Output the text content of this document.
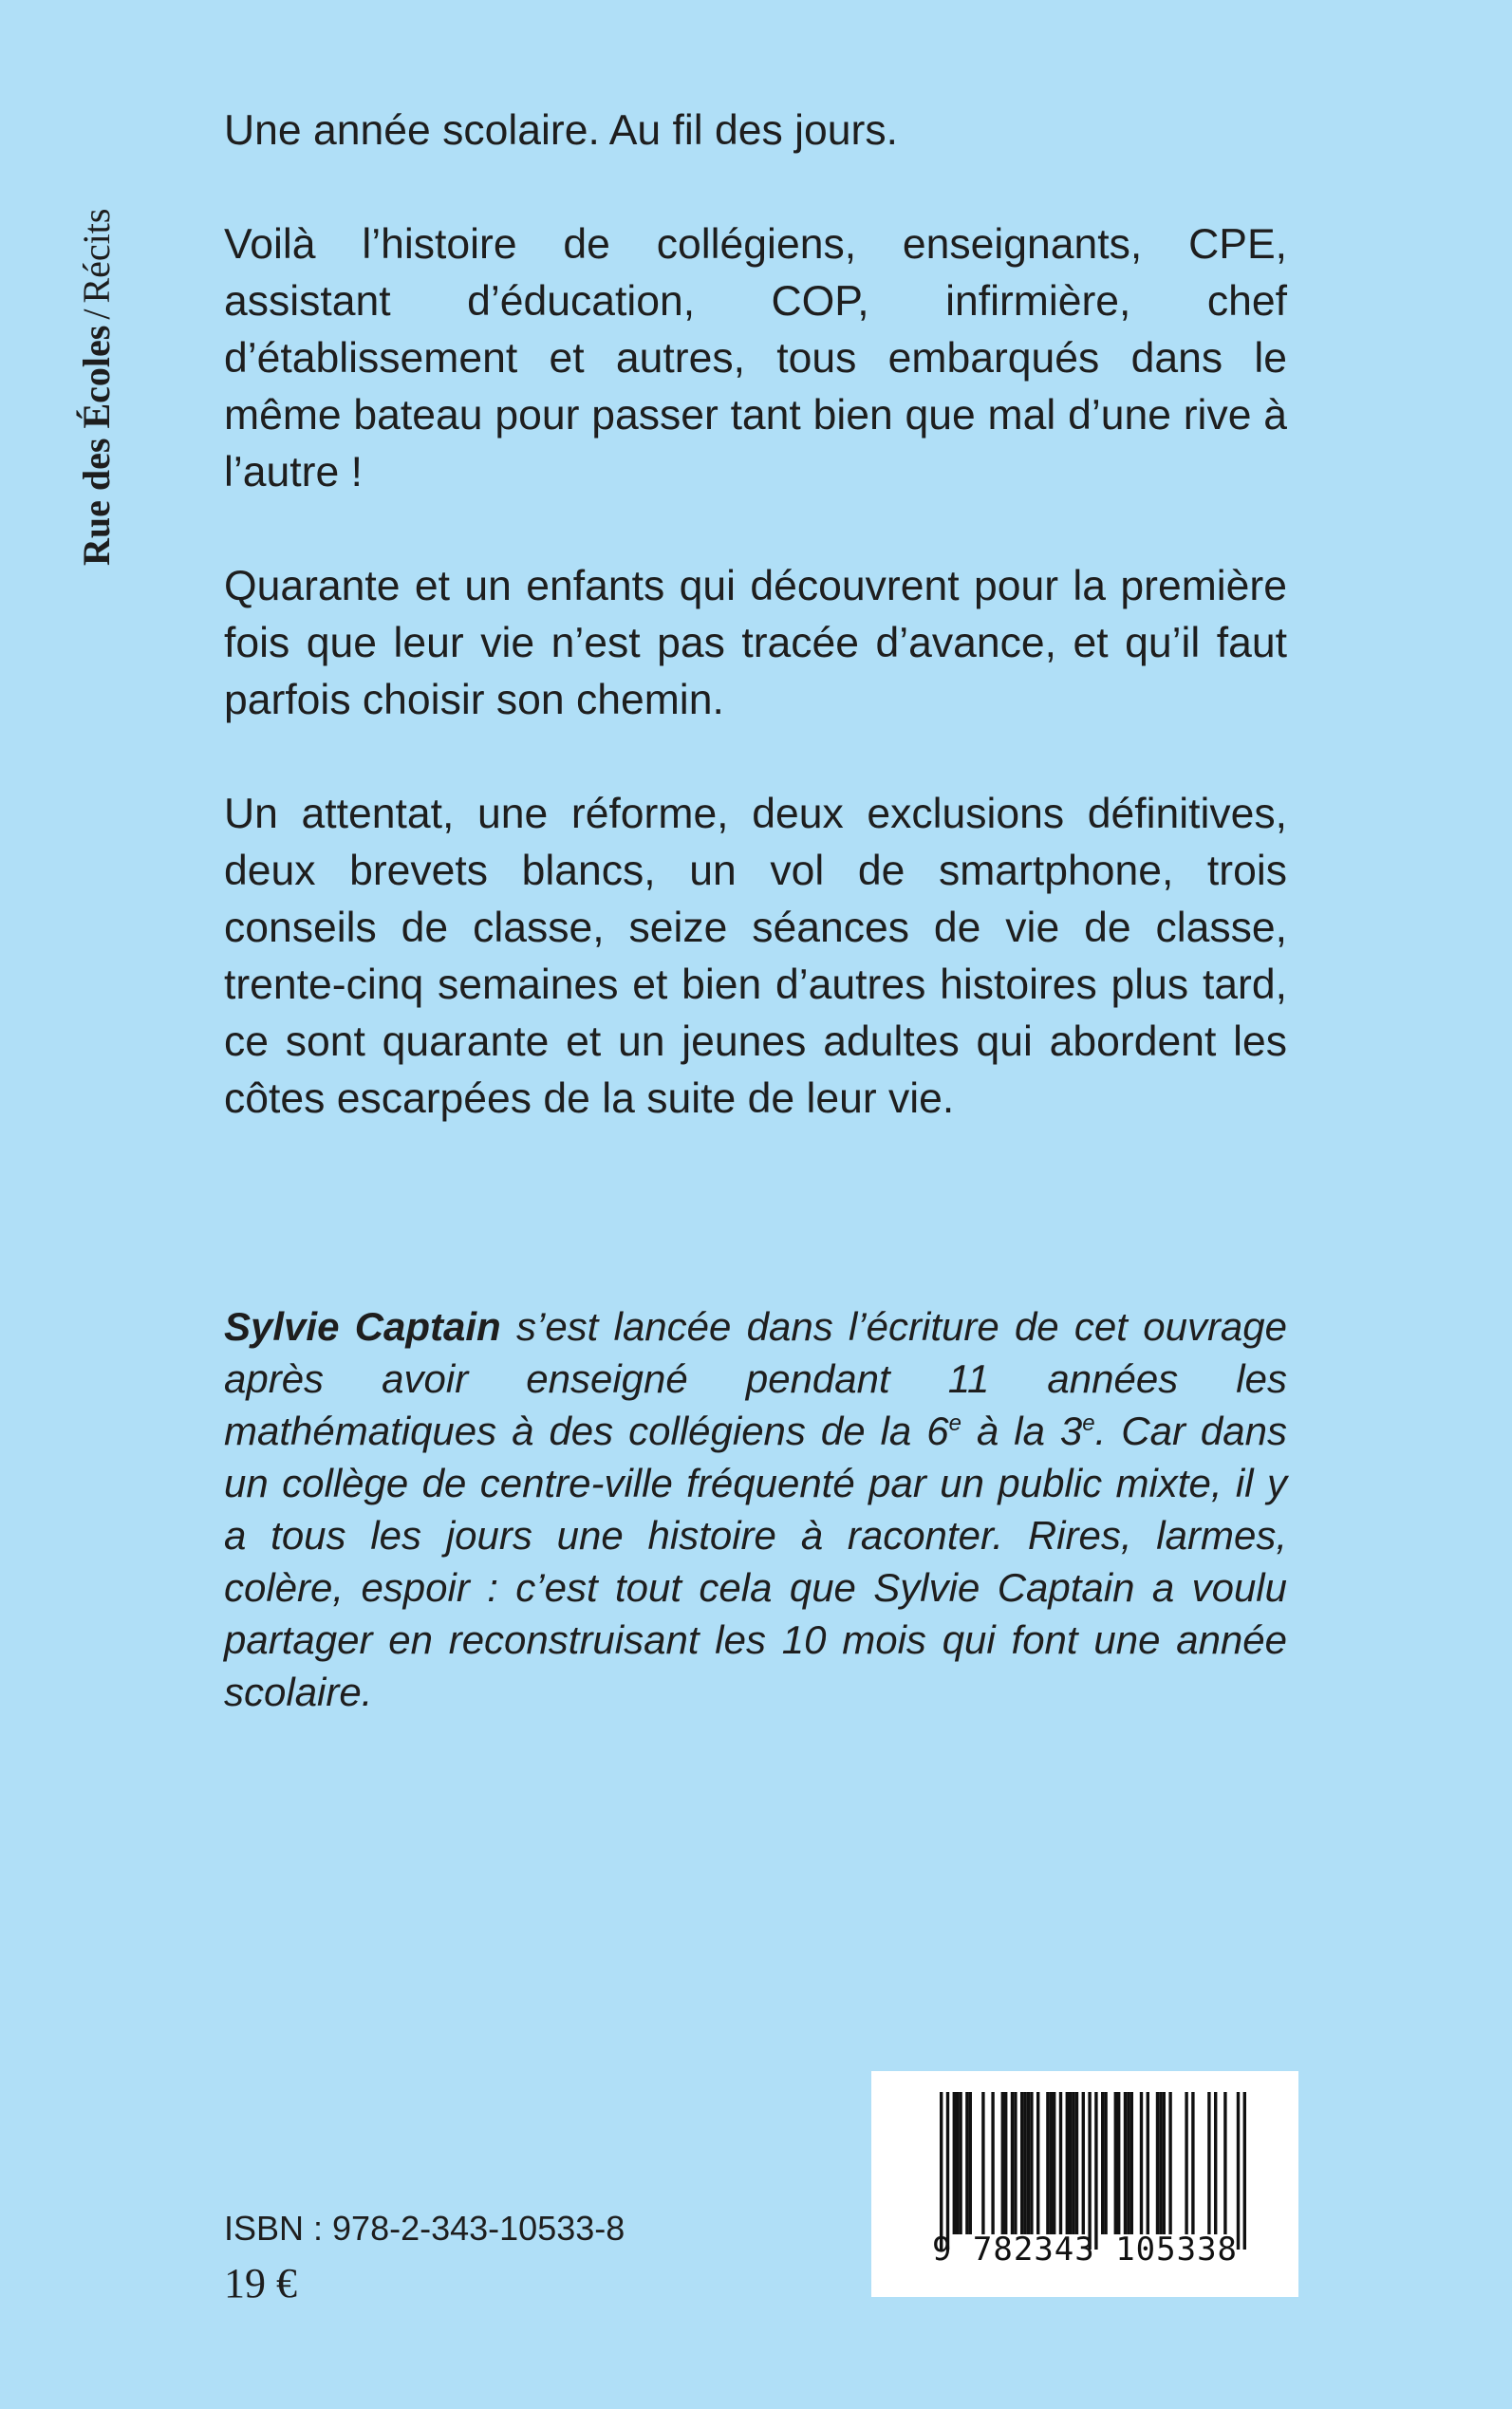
Rue des Écoles/Récits

Une année scolaire. Au fil des jours.

Voilà l’histoire de collégiens, enseignants, CPE, assistant d’éducation, COP, infirmière, chef d’établissement et autres, tous embarqués dans le même bateau pour passer tant bien que mal d’une rive à l’autre !

Quarante et un enfants qui découvrent pour la première fois que leur vie n’est pas tracée d’avance, et qu’il faut parfois choisir son chemin.

Un attentat, une réforme, deux exclusions définitives, deux brevets blancs, un vol de smartphone, trois conseils de classe, seize séances de vie de classe, trente-cinq semaines et bien d’autres histoires plus tard, ce sont quarante et un jeunes adultes qui abordent les côtes escarpées de la suite de leur vie.

Sylvie Captain s’est lancée dans l’écriture de cet ouvrage après avoir enseigné pendant 11 années les mathématiques à des collégiens de la 6e à la 3e. Car dans un collège de centre-ville fréquenté par un public mixte, il y a tous les jours une histoire à raconter. Rires, larmes, colère, espoir : c’est tout cela que Sylvie Captain a voulu partager en reconstruisant les 10 mois qui font une année scolaire.

ISBN : 978-2-343-10533-8
19 €
9 782343 105338
